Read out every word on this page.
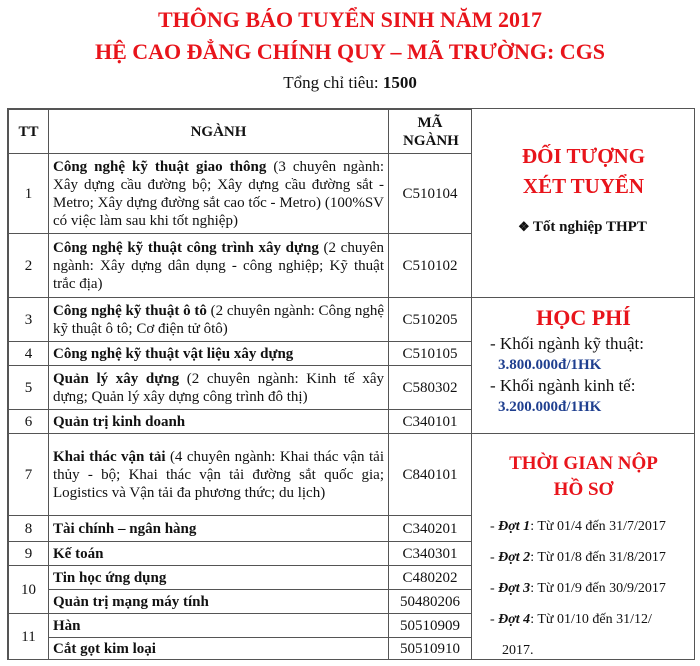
THÔNG BÁO TUYỂN SINH NĂM 2017
HỆ CAO ĐẲNG CHÍNH QUY – MÃ TRƯỜNG: CGS
Tổng chỉ tiêu: 1500
TT	NGÀNH	MÃ NGÀNH
1	Công nghệ kỹ thuật giao thông (3 chuyên ngành: Xây dựng cầu đường bộ; Xây dựng cầu đường sắt - Metro; Xây dựng đường sắt cao tốc - Metro) (100%SV có việc làm sau khi tốt nghiệp)	C510104
2	Công nghệ kỹ thuật công trình xây dựng (2 chuyên ngành: Xây dựng dân dụng - công nghiệp; Kỹ thuật trắc địa)	C510102
3	Công nghệ kỹ thuật ô tô (2 chuyên ngành: Công nghệ kỹ thuật ô tô; Cơ điện tử ôtô)	C510205
4	Công nghệ kỹ thuật vật liệu xây dựng	C510105
5	Quản lý xây dựng (2 chuyên ngành: Kinh tế xây dựng; Quản lý xây dựng công trình đô thị)	C580302
6	Quản trị kinh doanh	C340101
7	Khai thác vận tải (4 chuyên ngành: Khai thác vận tải thủy - bộ; Khai thác vận tải đường sắt quốc gia; Logistics và Vận tải đa phương thức; du lịch)	C840101
8	Tài chính – ngân hàng	C340201
9	Kế toán	C340301
10	Tin học ứng dụng	C480202
	Quản trị mạng máy tính	50480206
11	Hàn	50510909
	Cắt gọt kim loại	50510910
ĐỐI TƯỢNG
XÉT TUYỂN
❖ Tốt nghiệp THPT
HỌC PHÍ
- Khối ngành kỹ thuật:
3.800.000đ/1HK
- Khối ngành kinh tế:
3.200.000đ/1HK
THỜI GIAN NỘP
HỒ SƠ
- Đợt 1: Từ 01/4 đến 31/7/2017
- Đợt 2: Từ 01/8 đến 31/8/2017
- Đợt 3: Từ 01/9 đến 30/9/2017
- Đợt 4: Từ 01/10 đến 31/12/
2017.
